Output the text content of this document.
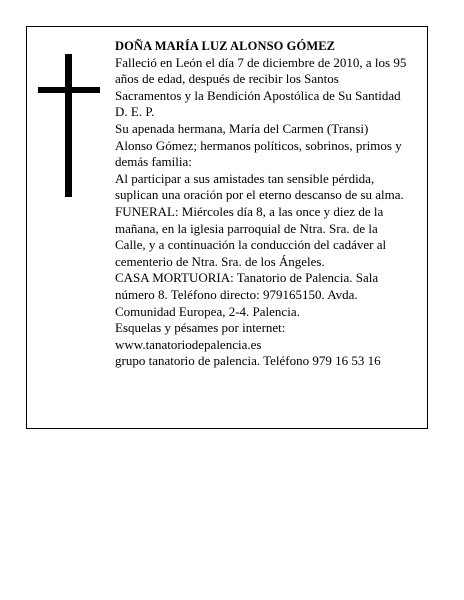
DOÑA MARÍA LUZ ALONSO GÓMEZ

Falleció en León el día 7 de diciembre de 2010, a los 95
años de edad, después de recibir los Santos
Sacramentos y la Bendición Apostólica de Su Santidad
D. E. P.
Su apenada hermana, María del Carmen (Transi)
Alonso Gómez; hermanos políticos, sobrinos, primos y
demás familia:
Al participar a sus amistades tan sensible pérdida,
suplican una oración por el eterno descanso de su alma.
FUNERAL: Miércoles día 8, a las once y diez de la
mañana, en la iglesia parroquial de Ntra. Sra. de la
Calle, y a continuación la conducción del cadáver al
cementerio de Ntra. Sra. de los Ángeles.
CASA MORTUORIA: Tanatorio de Palencia. Sala
número 8. Teléfono directo: 979165150. Avda.
Comunidad Europea, 2-4. Palencia.
Esquelas y pésames por internet:
www.tanatoriodepalencia.es
grupo tanatorio de palencia. Teléfono 979 16 53 16
